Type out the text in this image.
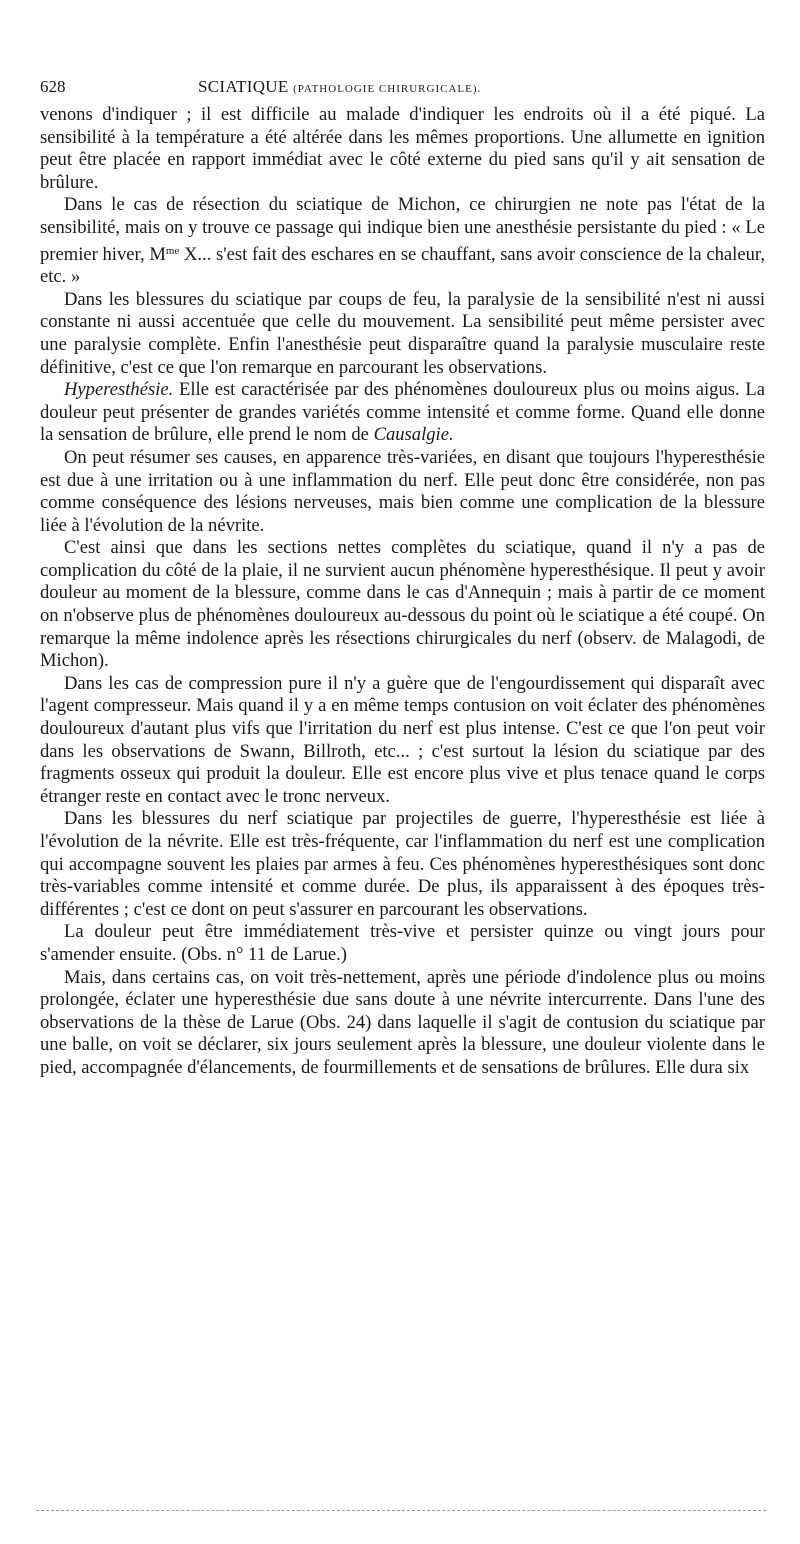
628	SCIATIQUE (PATHOLOGIE CHIRURGICALE).

venons d'indiquer ; il est difficile au malade d'indiquer les endroits où il a été piqué. La sensibilité à la température a été altérée dans les mêmes proportions. Une allumette en ignition peut être placée en rapport immédiat avec le côté externe du pied sans qu'il y ait sensation de brûlure.

Dans le cas de résection du sciatique de Michon, ce chirurgien ne note pas l'état de la sensibilité, mais on y trouve ce passage qui indique bien une anesthésie persistante du pied : « Le premier hiver, $M^{me}$ X... s'est fait des eschares en se chauffant, sans avoir conscience de la chaleur, etc. »

Dans les blessures du sciatique par coups de feu, la paralysie de la sensibilité n'est ni aussi constante ni aussi accentuée que celle du mouvement. La sensibilité peut même persister avec une paralysie complète. Enfin l'anesthésie peut disparaître quand la paralysie musculaire reste définitive, c'est ce que l'on remarque en parcourant les observations.

Hyperesthésie. Elle est caractérisée par des phénomènes douloureux plus ou moins aigus. La douleur peut présenter de grandes variétés comme intensité et comme forme. Quand elle donne la sensation de brûlure, elle prend le nom de Causalgie.

On peut résumer ses causes, en apparence très-variées, en disant que toujours l'hyperesthésie est due à une irritation ou à une inflammation du nerf. Elle peut donc être considérée, non pas comme conséquence des lésions nerveuses, mais bien comme une complication de la blessure liée à l'évolution de la névrite.

C'est ainsi que dans les sections nettes complètes du sciatique, quand il n'y a pas de complication du côté de la plaie, il ne survient aucun phénomène hyperesthésique. Il peut y avoir douleur au moment de la blessure, comme dans le cas d'Annequin ; mais à partir de ce moment on n'observe plus de phénomènes douloureux au-dessous du point où le sciatique a été coupé. On remarque la même indolence après les résections chirurgicales du nerf (observ. de Malagodi, de Michon).

Dans les cas de compression pure il n'y a guère que de l'engourdissement qui disparaît avec l'agent compresseur. Mais quand il y a en même temps contusion on voit éclater des phénomènes douloureux d'autant plus vifs que l'irritation du nerf est plus intense. C'est ce que l'on peut voir dans les observations de Swann, Billroth, etc... ; c'est surtout la lésion du sciatique par des fragments osseux qui produit la douleur. Elle est encore plus vive et plus tenace quand le corps étranger reste en contact avec le tronc nerveux.

Dans les blessures du nerf sciatique par projectiles de guerre, l'hyperesthésie est liée à l'évolution de la névrite. Elle est très-fréquente, car l'inflammation du nerf est une complication qui accompagne souvent les plaies par armes à feu. Ces phénomènes hyperesthésiques sont donc très-variables comme intensité et comme durée. De plus, ils apparaissent à des époques très-différentes ; c'est ce dont on peut s'assurer en parcourant les observations.

La douleur peut être immédiatement très-vive et persister quinze ou vingt jours pour s'amender ensuite. (Obs. n° 11 de Larue.)

Mais, dans certains cas, on voit très-nettement, après une période d'indolence plus ou moins prolongée, éclater une hyperesthésie due sans doute à une névrite intercurrente. Dans l'une des observations de la thèse de Larue (Obs. 24) dans laquelle il s'agit de contusion du sciatique par une balle, on voit se déclarer, six jours seulement après la blessure, une douleur violente dans le pied, accompagnée d'élancements, de fourmillements et de sensations de brûlures. Elle dura six
